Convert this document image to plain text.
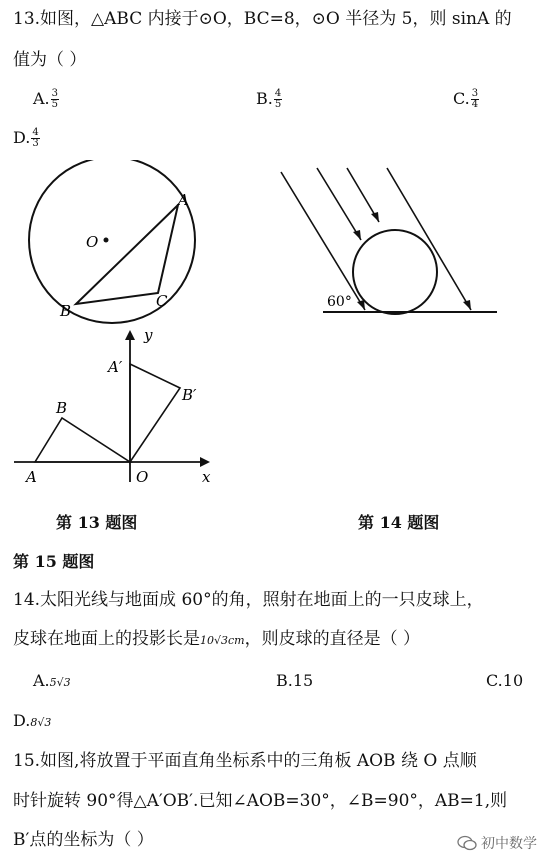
13.如图，△ABC 内接于⊙O，BC=8，⊙O 半径为 5，则 sinA 的
值为（ ）
A. $\frac{3}{5}$	B. $\frac{4}{5}$	C. $\frac{3}{4}$
D. $\frac{4}{3}$
A
O
B
C	60°
y
A′
B′
B
A	O	x
第 13 题图	第 14 题图
第 15 题图
14.太阳光线与地面成 60°的角，照射在地面上的一只皮球上，
皮球在地面上的投影长是10√3cm，则皮球的直径是（ ）
A.5√3	B.15	C.10
D.8√3
15.如图,将放置于平面直角坐标系中的三角板 AOB 绕 O 点顺
时针旋转 90°得△A′OB′.已知∠AOB=30°，∠B=90°，AB=1,则
B′点的坐标为（ ）	初中数学
